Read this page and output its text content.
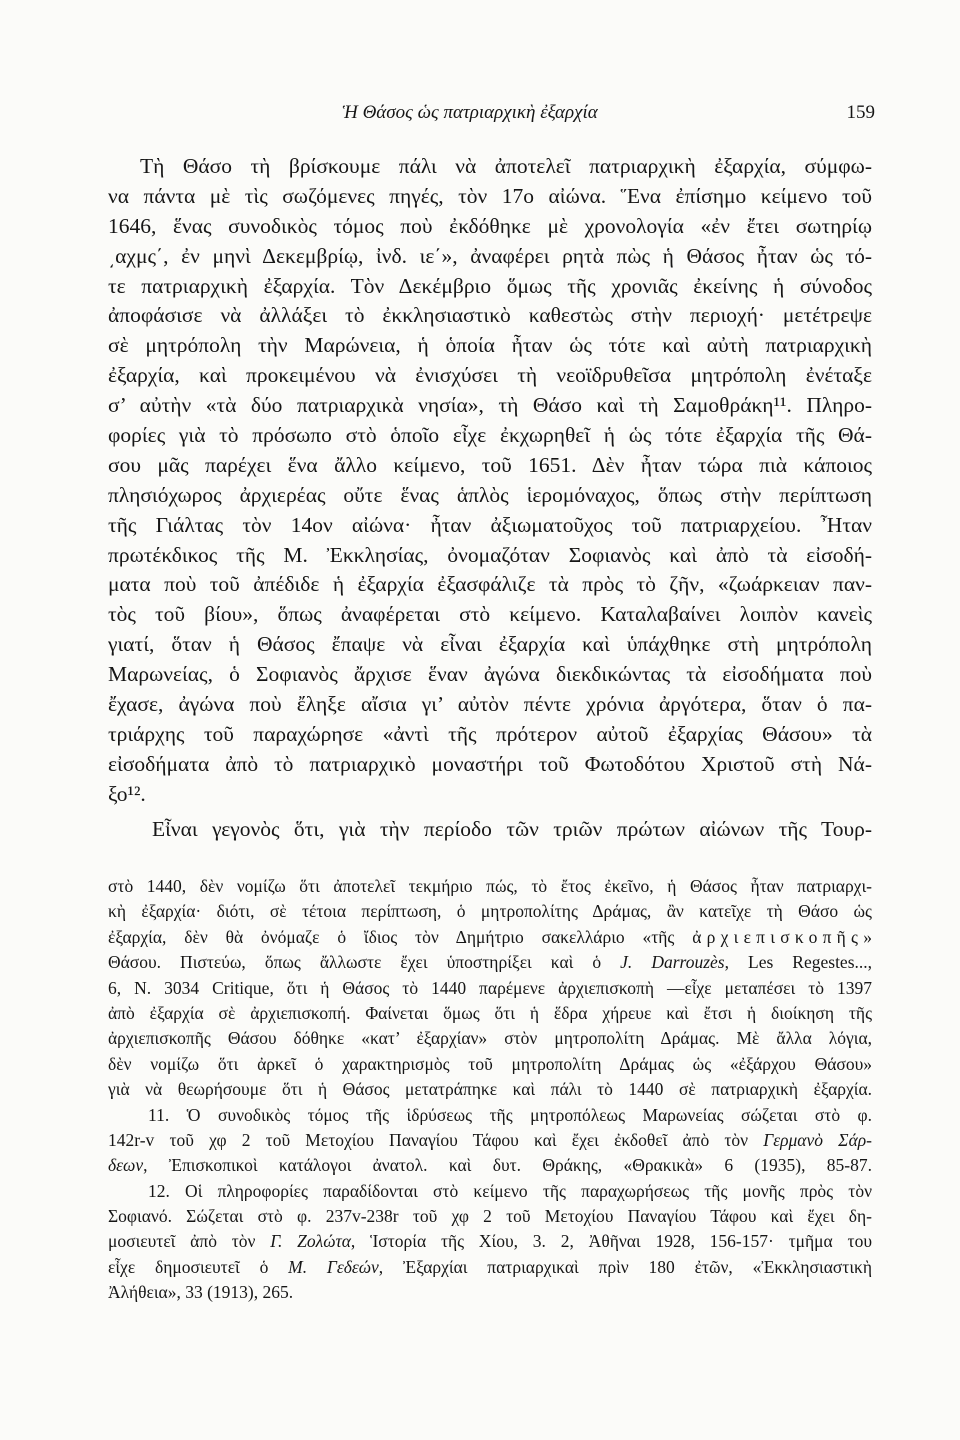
Ἡ Θάσος ὡς πατριαρχικὴ ἐξαρχία	159
Τὴ Θάσο τὴ βρίσκουμε πάλι νὰ ἀποτελεῖ πατριαρχικὴ ἐξαρχία, σύμφω-
να πάντα μὲ τὶς σωζόμενες πηγές, τὸν 17ο αἰώνα. Ἕνα ἐπίσημο κείμενο τοῦ
1646, ἕνας συνοδικὸς τόμος ποὺ ἐκδόθηκε μὲ χρονολογία «ἐν ἔτει σωτηρίῳ
͵αχμς΄, ἐν μηνὶ Δεκεμβρίῳ, ἰνδ. ιε΄», ἀναφέρει ρητὰ πὼς ἡ Θάσος ἦταν ὡς τό-
τε πατριαρχικὴ ἐξαρχία. Τὸν Δεκέμβριο ὅμως τῆς χρονιᾶς ἐκείνης ἡ σύνοδος
ἀποφάσισε νὰ ἀλλάξει τὸ ἐκκλησιαστικὸ καθεστὼς στὴν περιοχή· μετέτρεψε
σὲ μητρόπολη τὴν Μαρώνεια, ἡ ὁποία ἦταν ὡς τότε καὶ αὐτὴ πατριαρχικὴ
ἐξαρχία, καὶ προκειμένου νὰ ἐνισχύσει τὴ νεοϊδρυθεῖσα μητρόπολη ἐνέταξε
σ’ αὐτὴν «τὰ δύο πατριαρχικὰ νησία», τὴ Θάσο καὶ τὴ Σαμοθράκη¹¹. Πληρο-
φορίες γιὰ τὸ πρόσωπο στὸ ὁποῖο εἶχε ἐκχωρηθεῖ ἡ ὡς τότε ἐξαρχία τῆς Θά-
σου μᾶς παρέχει ἕνα ἄλλο κείμενο, τοῦ 1651. Δὲν ἦταν τώρα πιὰ κάποιος
πλησιόχωρος ἀρχιερέας οὔτε ἕνας ἁπλὸς ἱερομόναχος, ὅπως στὴν περίπτωση
τῆς Γιάλτας τὸν 14ον αἰώνα· ἦταν ἀξιωματοῦχος τοῦ πατριαρχείου. Ἦταν
πρωτέκδικος τῆς Μ. Ἐκκλησίας, ὀνομαζόταν Σοφιανὸς καὶ ἀπὸ τὰ εἰσοδή-
ματα ποὺ τοῦ ἀπέδιδε ἡ ἐξαρχία ἐξασφάλιζε τὰ πρὸς τὸ ζῆν, «ζωάρκειαν παν-
τὸς τοῦ βίου», ὅπως ἀναφέρεται στὸ κείμενο. Καταλαβαίνει λοιπὸν κανεὶς
γιατί, ὅταν ἡ Θάσος ἔπαψε νὰ εἶναι ἐξαρχία καὶ ὑπάχθηκε στὴ μητρόπολη
Μαρωνείας, ὁ Σοφιανὸς ἄρχισε ἕναν ἀγώνα διεκδικώντας τὰ εἰσοδήματα ποὺ
ἔχασε, ἀγώνα ποὺ ἔληξε αἴσια γι’ αὐτὸν πέντε χρόνια ἀργότερα, ὅταν ὁ πα-
τριάρχης τοῦ παραχώρησε «ἀντὶ τῆς πρότερον αὐτοῦ ἐξαρχίας Θάσου» τὰ
εἰσοδήματα ἀπὸ τὸ πατριαρχικὸ μοναστήρι τοῦ Φωτοδότου Χριστοῦ στὴ Νά-
ξο¹².
Εἶναι γεγονὸς ὅτι, γιὰ τὴν περίοδο τῶν τριῶν πρώτων αἰώνων τῆς Τουρ-
στὸ 1440, δὲν νομίζω ὅτι ἀποτελεῖ τεκμήριο πώς, τὸ ἔτος ἐκεῖνο, ἡ Θάσος ἦταν πατριαρχι-
κὴ ἐξαρχία· διότι, σὲ τέτοια περίπτωση, ὁ μητροπολίτης Δράμας, ἂν κατεῖχε τὴ Θάσο ὡς
ἐξαρχία, δὲν θὰ ὀνόμαζε ὁ ἴδιος τὸν Δημήτριο σακελλάριο «τῆς ἀρχιεπισκοπῆς»
Θάσου. Πιστεύω, ὅπως ἄλλωστε ἔχει ὑποστηρίξει καὶ ὁ J. Darrouzès, Les Regestes...,
6, N. 3034 Critique, ὅτι ἡ Θάσος τὸ 1440 παρέμενε ἀρχιεπισκοπὴ —εἶχε μεταπέσει τὸ 1397
ἀπὸ ἐξαρχία σὲ ἀρχιεπισκοπή. Φαίνεται ὅμως ὅτι ἡ ἕδρα χήρευε καὶ ἔτσι ἡ διοίκηση τῆς
ἀρχιεπισκοπῆς Θάσου δόθηκε «κατ’ ἐξαρχίαν» στὸν μητροπολίτη Δράμας. Μὲ ἄλλα λόγια,
δὲν νομίζω ὅτι ἀρκεῖ ὁ χαρακτηρισμὸς τοῦ μητροπολίτη Δράμας ὡς «ἐξάρχου Θάσου»
γιὰ νὰ θεωρήσουμε ὅτι ἡ Θάσος μετατράπηκε καὶ πάλι τὸ 1440 σὲ πατριαρχικὴ ἐξαρχία.
11. Ὁ συνοδικὸς τόμος τῆς ἱδρύσεως τῆς μητροπόλεως Μαρωνείας σώζεται στὸ φ.
142r-v τοῦ χφ 2 τοῦ Μετοχίου Παναγίου Τάφου καὶ ἔχει ἐκδοθεῖ ἀπὸ τὸν Γερμανὸ Σάρ-
δεων, Ἐπισκοπικοὶ κατάλογοι ἀνατολ. καὶ δυτ. Θράκης, «Θρακικὰ» 6 (1935), 85-87.
12. Οἱ πληροφορίες παραδίδονται στὸ κείμενο τῆς παραχωρήσεως τῆς μονῆς πρὸς τὸν
Σοφιανό. Σώζεται στὸ φ. 237v-238r τοῦ χφ 2 τοῦ Μετοχίου Παναγίου Τάφου καὶ ἔχει δη-
μοσιευτεῖ ἀπὸ τὸν Γ. Ζολώτα, Ἱστορία τῆς Χίου, 3. 2, Ἀθῆναι 1928, 156-157· τμῆμα του
εἶχε δημοσιευτεῖ ὁ Μ. Γεδεών, Ἐξαρχίαι πατριαρχικαὶ πρὶν 180 ἐτῶν, «Ἐκκλησιαστικὴ
Ἀλήθεια», 33 (1913), 265.
